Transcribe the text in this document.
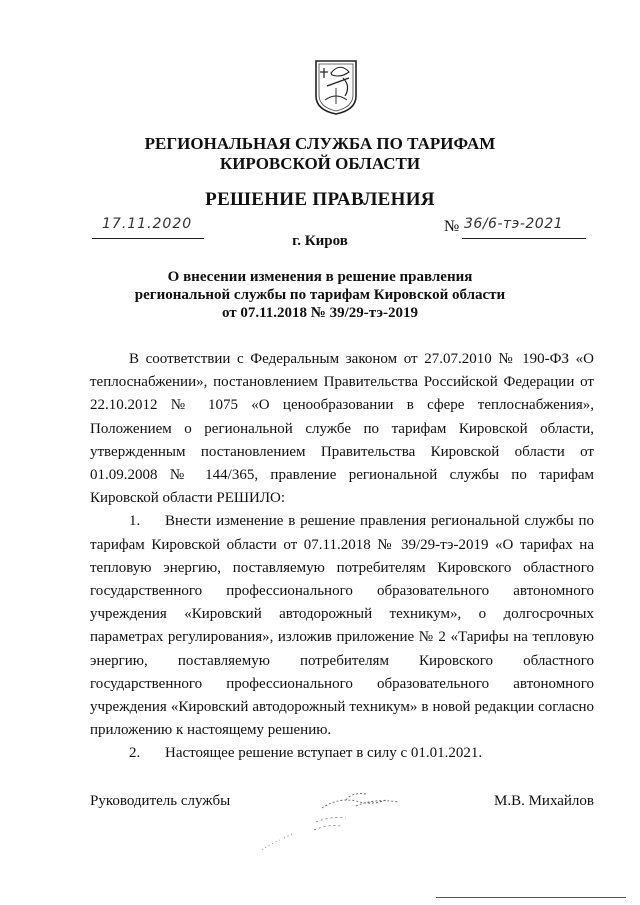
РЕГИОНАЛЬНАЯ СЛУЖБА ПО ТАРИФАМ
КИРОВСКОЙ ОБЛАСТИ
РЕШЕНИЕ ПРАВЛЕНИЯ
17.11.2020	№ 36/6-тэ-2021
г. Киров
О внесении изменения в решение правления
региональной службы по тарифам Кировской области
от 07.11.2018 № 39/29-тэ-2019

В соответствии с Федеральным законом от 27.07.2010 № 190-ФЗ «О теплоснабжении», постановлением Правительства Российской Федерации от 22.10.2012 № 1075 «О ценообразовании в сфере теплоснабжения», Положением о региональной службе по тарифам Кировской области, утвержденным постановлением Правительства Кировской области от 01.09.2008 № 144/365, правление региональной службы по тарифам Кировской области РЕШИЛО:

1. Внести изменение в решение правления региональной службы по тарифам Кировской области от 07.11.2018 № 39/29-тэ-2019 «О тарифах на тепловую энергию, поставляемую потребителям Кировского областного государственного профессионального образовательного автономного учреждения «Кировский автодорожный техникум», о долгосрочных параметрах регулирования», изложив приложение № 2 «Тарифы на тепловую энергию, поставляемую потребителям Кировского областного государственного профессионального образовательного автономного учреждения «Кировский автодорожный техникум» в новой редакции согласно приложению к настоящему решению.

2. Настоящее решение вступает в силу с 01.01.2021.

Руководитель службы	М.В. Михайлов
